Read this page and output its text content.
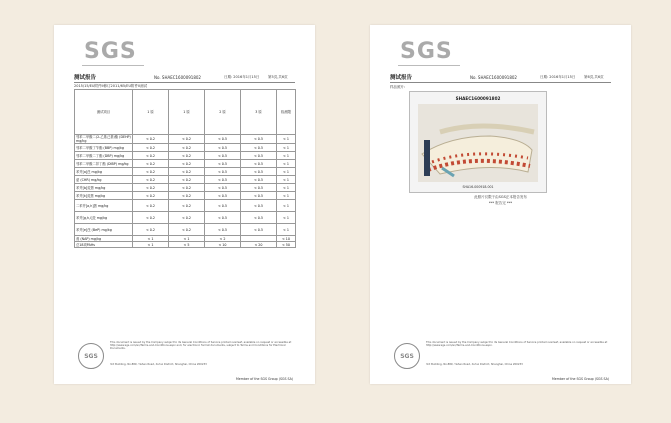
SGS
测试报告	No. SHAEC1600091802	日期: 2016年1月15日 第5页,共6页
2015/15/EU附件II修订2011/65/EU附件II测试
测试项目	1 原	1 原	2 原	3 原	检测限
邻苯二甲酸二(2-乙基己基)酯 (DEHP) mg/kg	< 0.2	< 0.2	< 0.5	< 0.5	< 1
邻苯二甲酸丁苄酯 (BBP) mg/kg	< 0.2	< 0.2	< 0.5	< 0.5	< 1
邻苯二甲酸二丁酯 (DBP) mg/kg	< 0.2	< 0.2	< 0.5	< 0.5	< 1
邻苯二甲酸二异丁酯 (DIBP) mg/kg	< 0.2	< 0.2	< 0.5	< 0.5	< 1
苯并[a]芘 mg/kg	< 0.2	< 0.2	< 0.5	< 0.5	< 1
䓛 (CHR) mg/kg	< 0.2	< 0.2	< 0.5	< 0.5	< 1
苯并[b]荧蒽 mg/kg	< 0.2	< 0.2	< 0.5	< 0.5	< 1
苯并[k]荧蒽 mg/kg	< 0.2	< 0.2	< 0.5	< 0.5	< 1
二苯并[a,h]蒽 mg/kg	< 0.2	< 0.2	< 0.5	< 0.5	< 1
苯并[g,h,i]苝 mg/kg	< 0.2	< 0.2	< 0.5	< 0.5	< 1
苯并[e]芘 (BeP) mg/kg	< 0.2	< 0.2	< 0.5	< 0.5	< 1
萘 (NAP) mg/kg	< 1	< 1	< 2		< 10
总18项PAHs	< 1	< 5	< 10	< 20	< 50
SGS
This document is issued by the Company subject to its General Conditions of Service printed overleaf, available on request or accessible at http://www.sgs.com/en/Terms-and-Conditions.aspx and, for electronic format documents, subject to Terms and Conditions for Electronic Documents.
3rd Building, No.889, Yishan Road, Xuhui District, Shanghai, China 200233
Member of the SGS Group (SGS SA)
SGS
测试报告	No. SHAEC1600091802	日期: 2016年1月15日 第6页,共6页
样品照片:
SHAEC1600091802
SHA16-000918.001
此照片仅限于由SGS正本报告发布
*** 报告完 ***
SGS
This document is issued by the Company subject to its General Conditions of Service printed overleaf, available on request or accessible at http://www.sgs.com/en/Terms-and-Conditions.aspx.
3rd Building, No.889, Yishan Road, Xuhui District, Shanghai, China 200233
Member of the SGS Group (SGS SA)
